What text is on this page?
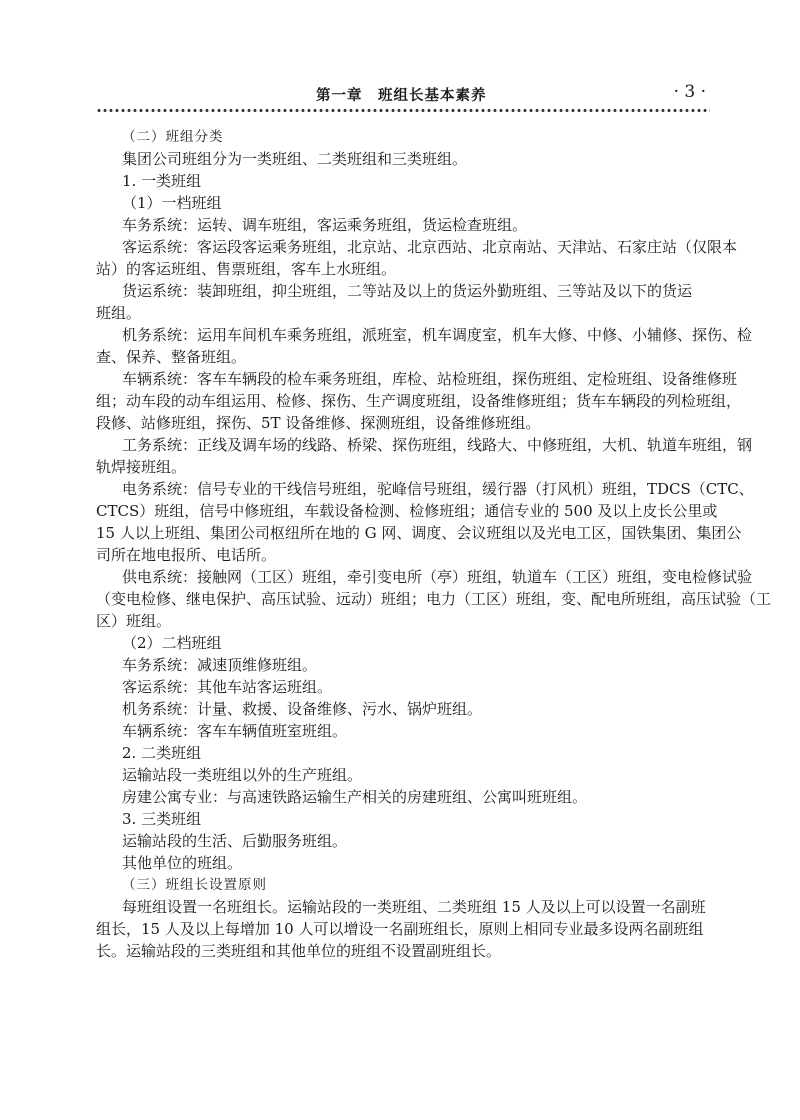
第一章　班组长基本素养	· 3 ·

（二）班组分类

集团公司班组分为一类班组、二类班组和三类班组。

1. 一类班组

（1）一档班组

车务系统：运转、调车班组，客运乘务班组，货运检查班组。

客运系统：客运段客运乘务班组，北京站、北京西站、北京南站、天津站、石家庄站（仅限本

站）的客运班组、售票班组，客车上水班组。

货运系统：装卸班组，抑尘班组，二等站及以上的货运外勤班组、三等站及以下的货运

班组。

机务系统：运用车间机车乘务班组，派班室，机车调度室，机车大修、中修、小辅修、探伤、检

查、保养、整备班组。

车辆系统：客车车辆段的检车乘务班组，库检、站检班组，探伤班组、定检班组、设备维修班

组；动车段的动车组运用、检修、探伤、生产调度班组，设备维修班组；货车车辆段的列检班组，

段修、站修班组，探伤、5T 设备维修、探测班组，设备维修班组。

工务系统：正线及调车场的线路、桥梁、探伤班组，线路大、中修班组，大机、轨道车班组，钢

轨焊接班组。

电务系统：信号专业的干线信号班组，驼峰信号班组，缓行器（打风机）班组，TDCS（CTC、

CTCS）班组，信号中修班组，车载设备检测、检修班组；通信专业的 500 及以上皮长公里或

15 人以上班组、集团公司枢纽所在地的 G 网、调度、会议班组以及光电工区，国铁集团、集团公

司所在地电报所、电话所。

供电系统：接触网（工区）班组，牵引变电所（亭）班组，轨道车（工区）班组，变电检修试验

（变电检修、继电保护、高压试验、远动）班组；电力（工区）班组，变、配电所班组，高压试验（工

区）班组。

（2）二档班组

车务系统：减速顶维修班组。

客运系统：其他车站客运班组。

机务系统：计量、救援、设备维修、污水、锅炉班组。

车辆系统：客车车辆值班室班组。

2. 二类班组

运输站段一类班组以外的生产班组。

房建公寓专业：与高速铁路运输生产相关的房建班组、公寓叫班班组。

3. 三类班组

运输站段的生活、后勤服务班组。

其他单位的班组。

（三）班组长设置原则

每班组设置一名班组长。运输站段的一类班组、二类班组 15 人及以上可以设置一名副班

组长，15 人及以上每增加 10 人可以增设一名副班组长，原则上相同专业最多设两名副班组

长。运输站段的三类班组和其他单位的班组不设置副班组长。
